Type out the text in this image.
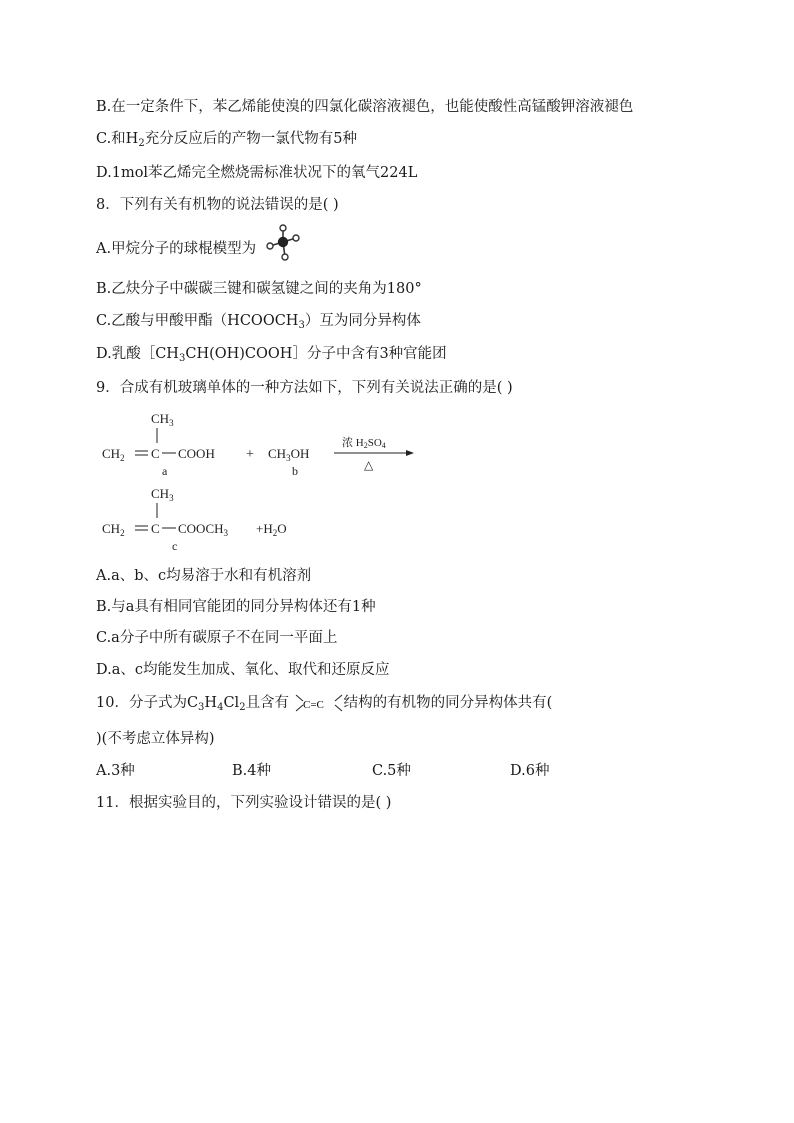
B.在一定条件下，苯乙烯能使溴的四氯化碳溶液褪色，也能使酸性高锰酸钾溶液褪色
C.和$H_2$充分反应后的产物一氯代物有5种
D.1mol苯乙烯完全燃烧需标准状况下的氧气224L
8．下列有关有机物的说法错误的是( )
A.甲烷分子的球棍模型为
B.乙炔分子中碳碳三键和碳氢键之间的夹角为180°
C.乙酸与甲酸甲酯$(HCOOCH_3)$互为同分异构体
D.乳酸$[CH_3CH(OH)COOH]$分子中含有3种官能团
9．合成有机玻璃单体的一种方法如下，下列有关说法正确的是( )
$CH_3$
$CH_2$ C COOH
a
+ $CH_3OH$
b
浓 H2SO4
△
$CH_3$
$CH_2$ C $COOCH_3 +H_2O$
c
A.a、b、c均易溶于水和有机溶剂
B.与a具有相同官能团的同分异构体还有1种
C.a分子中所有碳原子不在同一平面上
D.a、c均能发生加成、氧化、取代和还原反应
10．分子式为$C_3H_4Cl_2$且含有 C=C 结构的有机物的同分异构体共有(
)(不考虑立体异构)
A.3种	B.4种	C.5种	D.6种
11．根据实验目的，下列实验设计错误的是( )
